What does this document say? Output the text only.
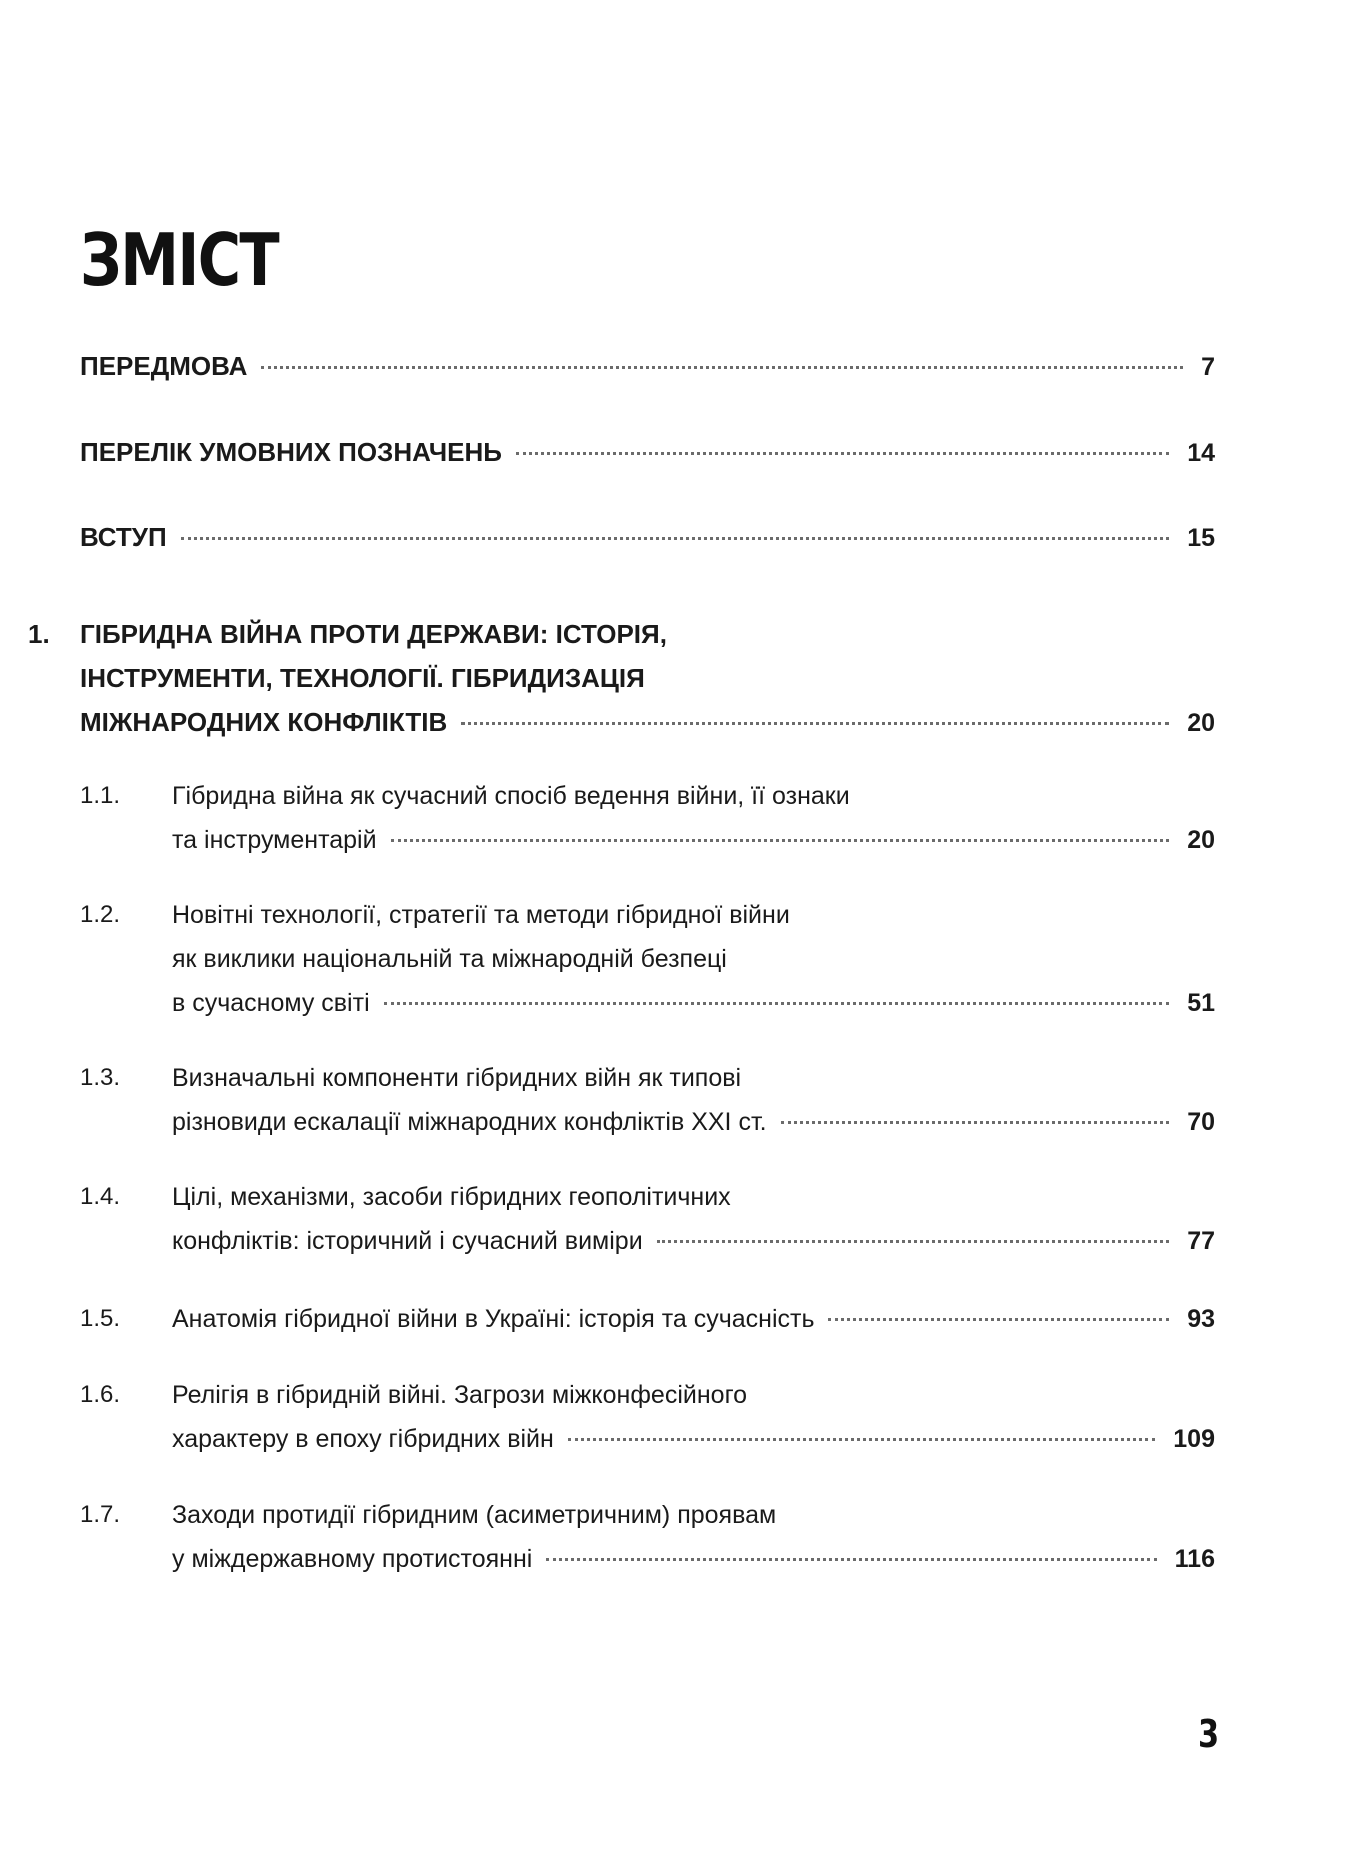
ЗМІСТ
ПЕРЕДМОВА	7
ПЕРЕЛІК УМОВНИХ ПОЗНАЧЕНЬ	14
ВСТУП	15
1. ГІБРИДНА ВІЙНА ПРОТИ ДЕРЖАВИ: ІСТОРІЯ,
ІНСТРУМЕНТИ, ТЕХНОЛОГІЇ. ГІБРИДИЗАЦІЯ
МІЖНАРОДНИХ КОНФЛІКТІВ	20
1.1. Гібридна війна як сучасний спосіб ведення війни, її ознаки
та інструментарій	20
1.2. Новітні технології, стратегії та методи гібридної війни
як виклики національній та міжнародній безпеці
в сучасному світі	51
1.3. Визначальні компоненти гібридних війн як типові
різновиди ескалації міжнародних конфліктів XXI ст.	70
1.4. Цілі, механізми, засоби гібридних геополітичних
конфліктів: історичний і сучасний виміри	77
1.5. Анатомія гібридної війни в Україні: історія та сучасність	93
1.6. Релігія в гібридній війні. Загрози міжконфесійного
характеру в епоху гібридних війн	109
1.7. Заходи протидії гібридним (асиметричним) проявам
у міждержавному протистоянні	116
3
